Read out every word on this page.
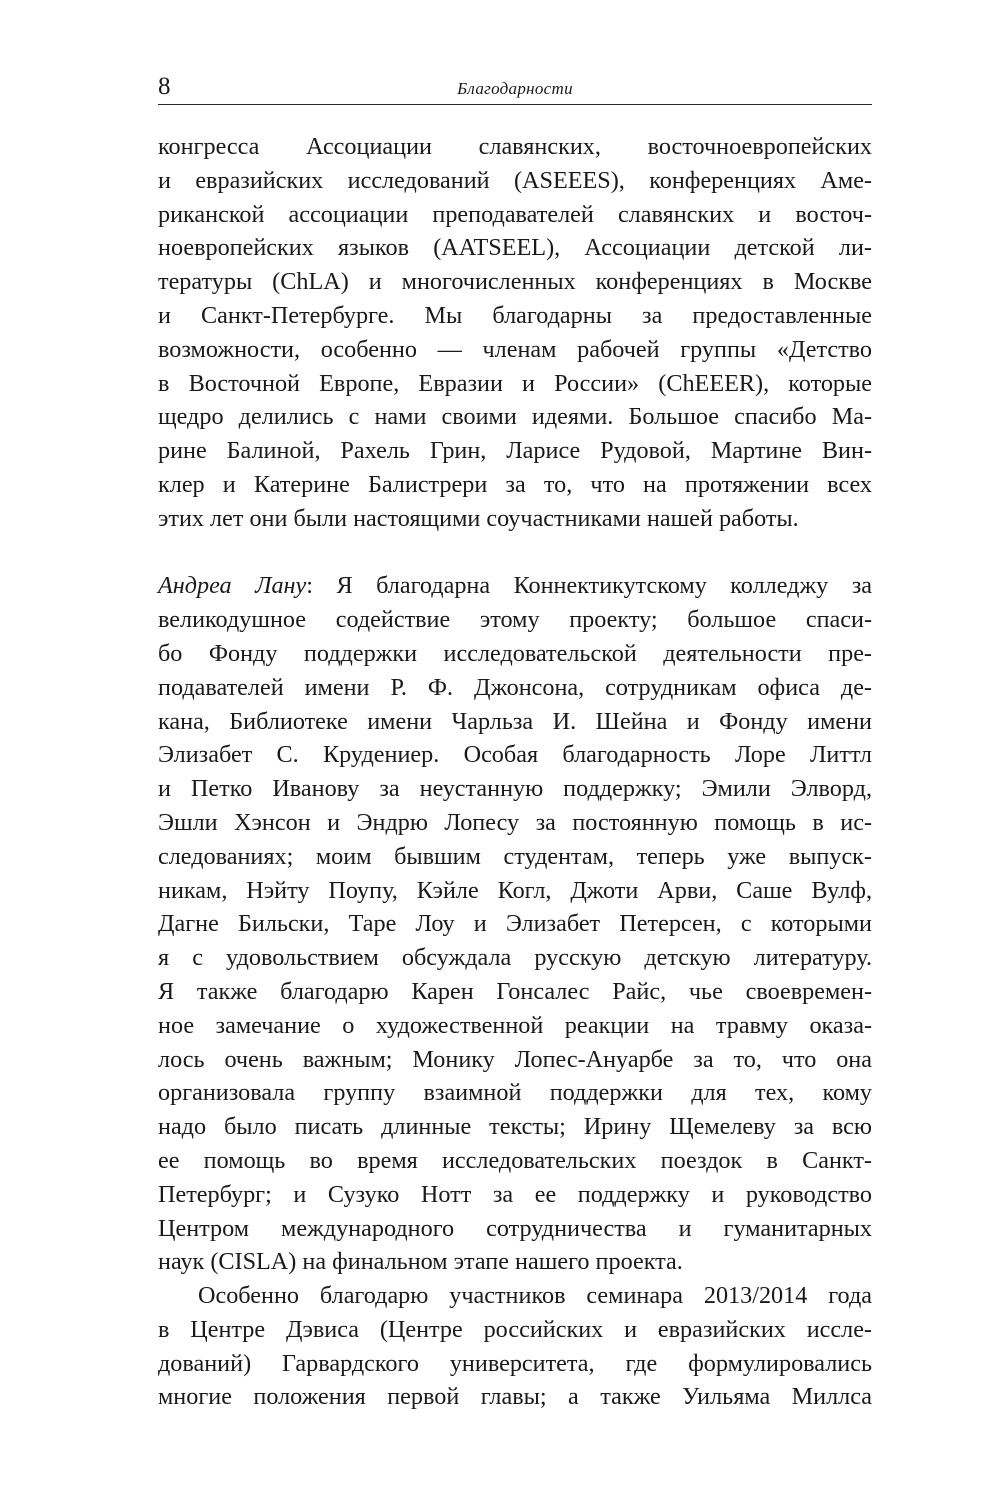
8	Благодарности

конгресса Ассоциации славянских, восточноевропейских
и евразийских исследований (ASEEES), конференциях Аме-
риканской ассоциации преподавателей славянских и восточ-
ноевропейских языков (AATSEEL), Ассоциации детской ли-
тературы (ChLA) и многочисленных конференциях в Москве
и Санкт-Петербурге. Мы благодарны за предоставленные
возможности, особенно — членам рабочей группы «Детство
в Восточной Европе, Евразии и России» (ChEEER), которые
щедро делились с нами своими идеями. Большое спасибо Ма-
рине Балиной, Рахель Грин, Ларисе Рудовой, Мартине Вин-
клер и Катерине Балистрери за то, что на протяжении всех
этих лет они были настоящими соучастниками нашей работы.

Андреа Лану: Я благодарна Коннектикутскому колледжу за
великодушное содействие этому проекту; большое спаси-
бо Фонду поддержки исследовательской деятельности пре-
подавателей имени Р. Ф. Джонсона, сотрудникам офиса де-
кана, Библиотеке имени Чарльза И. Шейна и Фонду имени
Элизабет С. Крудениер. Особая благодарность Лоре Литтл
и Петко Иванову за неустанную поддержку; Эмили Элворд,
Эшли Хэнсон и Эндрю Лопесу за постоянную помощь в ис-
следованиях; моим бывшим студентам, теперь уже выпуск-
никам, Нэйту Поупу, Кэйле Когл, Джоти Арви, Саше Вулф,
Дагне Бильски, Таре Лоу и Элизабет Петерсен, с которыми
я с удовольствием обсуждала русскую детскую литературу.
Я также благодарю Карен Гонсалес Райс, чье своевремен-
ное замечание о художественной реакции на травму оказа-
лось очень важным; Монику Лопес-Ануарбе за то, что она
организовала группу взаимной поддержки для тех, кому
надо было писать длинные тексты; Ирину Щемелеву за всю
ее помощь во время исследовательских поездок в Санкт-
Петербург; и Сузуко Нотт за ее поддержку и руководство
Центром международного сотрудничества и гуманитарных
наук (CISLA) на финальном этапе нашего проекта.

Особенно благодарю участников семинара 2013/2014 года
в Центре Дэвиса (Центре российских и евразийских иссле-
дований) Гарвардского университета, где формулировались
многие положения первой главы; а также Уильяма Миллса
